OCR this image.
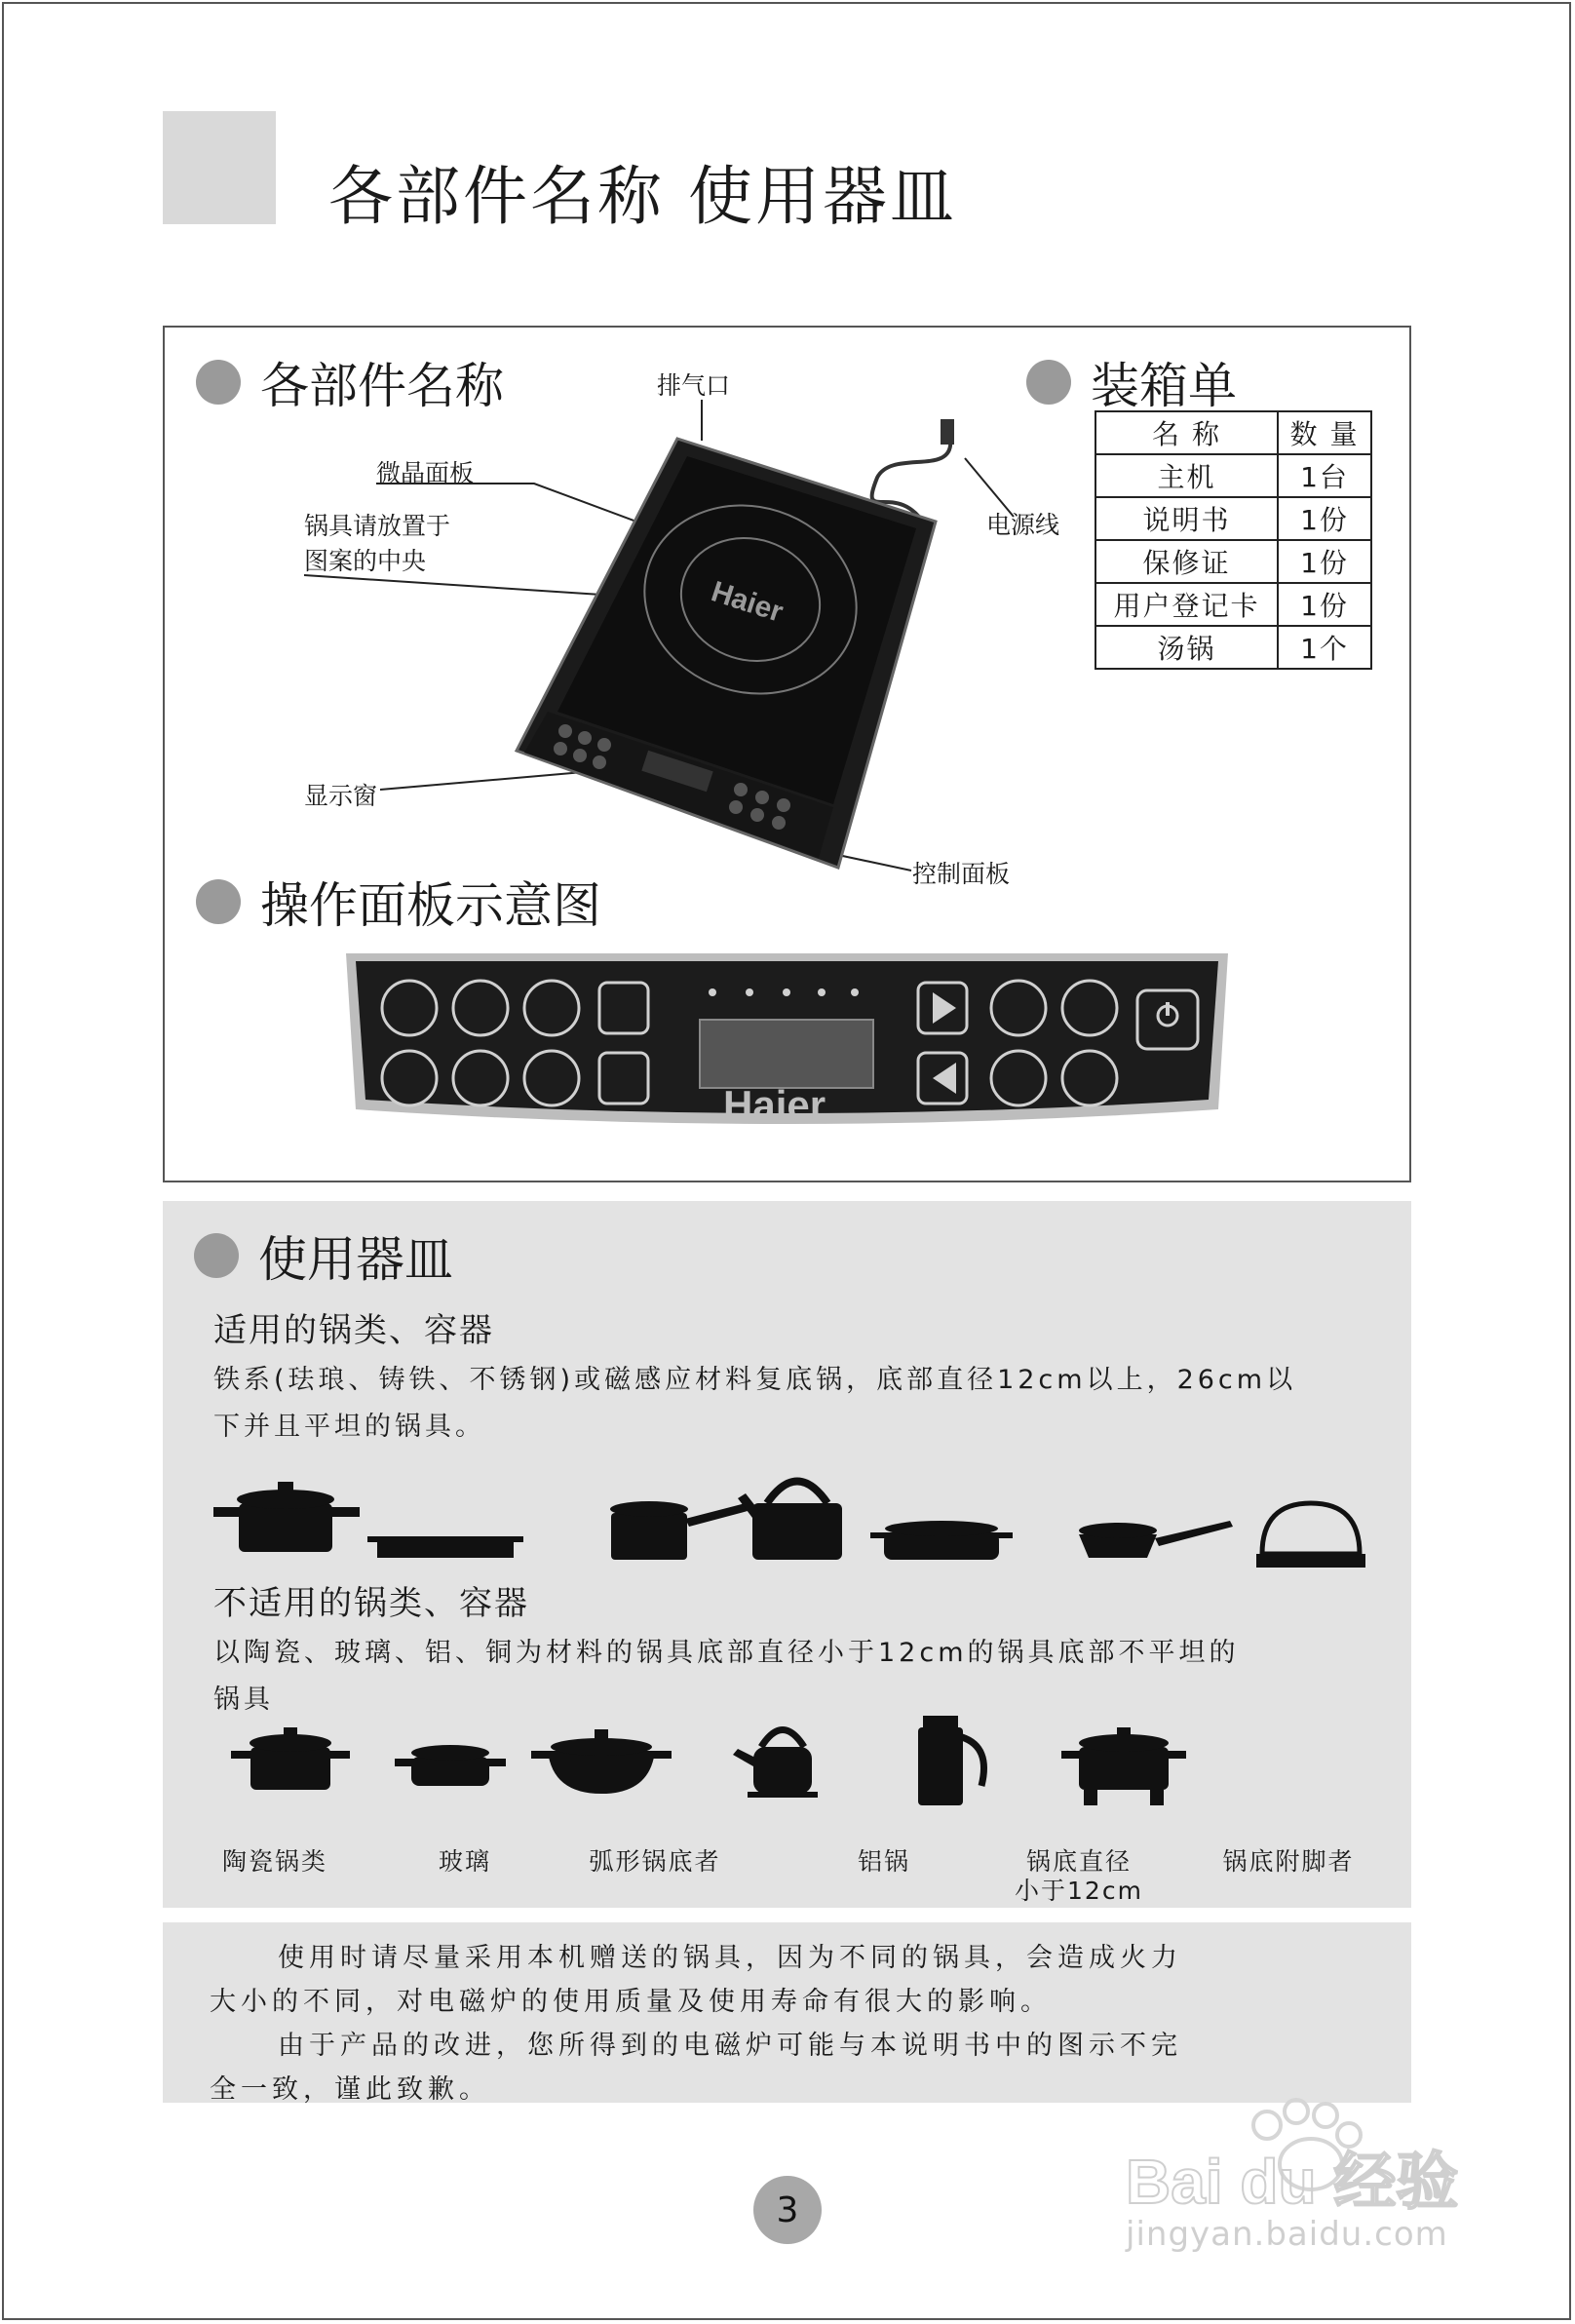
各部件名称 使用器皿
各部件名称	装箱单
操作面板示意图
排气口
微晶面板
锅具请放置于
图案的中央
电源线
显示窗
控制面板
Haier
名 称	数 量
主机	1台
说明书	1份
保修证	1份
用户登记卡	1份
汤锅	1个
Haier
使用器皿
适用的锅类、容器
铁系(珐琅、铸铁、不锈钢)或磁感应材料复底锅，底部直径12cm以上，26cm以
下并且平坦的锅具。
不适用的锅类、容器
以陶瓷、玻璃、铝、铜为材料的锅具底部直径小于12cm的锅具底部不平坦的
锅具
陶瓷锅类	玻璃	弧形锅底者	铝锅	锅底直径
小于12cm
锅底附脚者
使用时请尽量采用本机赠送的锅具，因为不同的锅具，会造成火力
大小的不同，对电磁炉的使用质量及使用寿命有很大的影响。
由于产品的改进，您所得到的电磁炉可能与本说明书中的图示不完
全一致，谨此致歉。
3	Bai du 经验
jingyan.baidu.com
